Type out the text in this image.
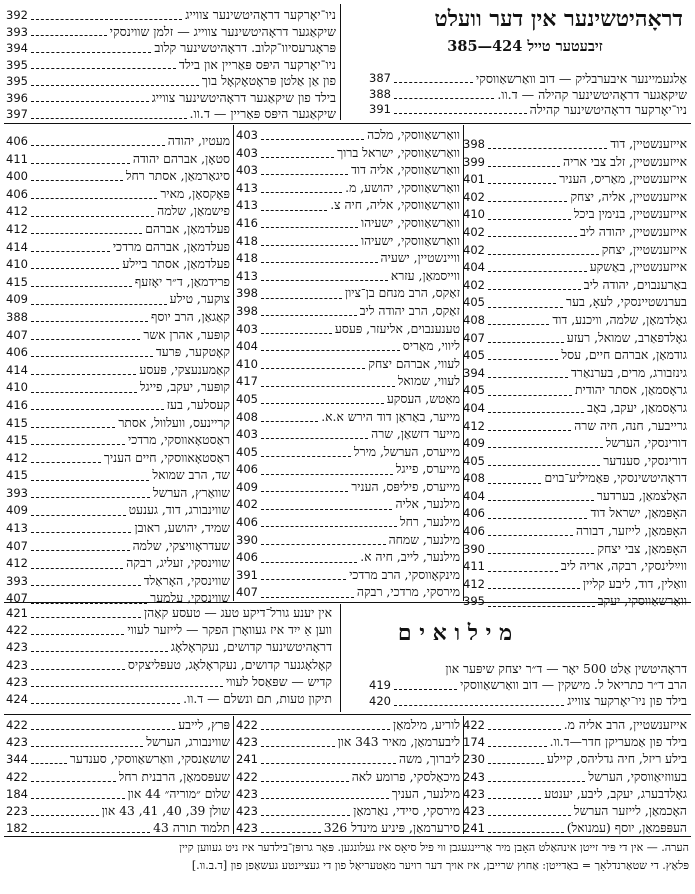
דראָהיטשינער אין דער וועלט
זיבעטער טייל 424—385
אַלגעמיינער איבערבליק — דוב וואַרשאַווסקי
387
שיקאַגער דראָהיטשינער קהילה — ד.וו.
388
ניו־יאָרקער דראָהיטשינער קהילה
391
ניו־יאָרקער דראָהיטשינער צווייג
392
שיקאַגער דראָהיטשינער צווייג — זלמן שווינסקי
393
פּראָגרעסיוו־קלוב. דראָהיטשינער קלוב
394
ניו־יאָרקער היפּס פּאַריין און בילד
395
פון אַן אַלטן פּראָטאָקאָל בוך
395
בילד פון שיקאַגער דראָהיטשינער צווייג
396
שיקאַגער היפּס פּאַריין — ד.וו.
397
אייזענשטיין, דוד
398
אייזענשטיין, זלב צבי אריה
399
אייזענשטיין, מאַריס, העניר
401
אייזענשטיין, אליה, יצחק
402
אייזענשטיין, בנימין ביכל
410
אייזענשטיין, יהודה ליב
402
אייזענשטיין, יצחק
402
אייזענשטיין, באַשקע
404
באַרענבוים, יהודה ליב
402
בערנשטיינסקי, לעאָ, בער
405
גאָלדמאַן, שלמה, וויכנע, דוד
408
גאָלדפאַרב, שמואל, רעזע
407
גודמאַן, אברהם חיים, עסל
405
גינזבורג, מרים, בערנאַרד
394
גראָסמאַן, אסתר יהודית
405
גראָסמאַן, יעקב, באָב
404
גרייבער, חנה, חיה שרה
412
דורינסקי, הערשל
409
דורינסקי, סענדער
405
דראָהיטשינסקי, פּאַמיליע־בוים
408
האָלצמאַן, בערדער
404
האָפּמאַן, ישראל דוד
406
האָפּמאַן, לייזער, דבורה
406
האָפּמאַן, צבי יצחק
390
ווײַלינסקי, רבקה, אריה ליב
411
וואַלין, דוד, ליבע קליין
412
וואַרשאַווסקי, יעקב
395
וואַרשאַווסקי, מלכה
403
וואַרשאַווסקי, ישראל ברוך
403
וואַרשאַווסקי, אליה דוד
403
וואַרשאַווסקי, יהושע, מ.
413
וואַרשאַווסקי, אליה, חיה צ.
413
וואַרשאַווסקי, ישעיהו
416
וואַרשאַווסקי, ישעיהו
418
וויינשטיין, ישעיה
418
ווייסמאַן, עזרא
413
זאַקס, הרב מנחם בן־ציון
398
זאַקס, הרב יהודה ליב
398
טענענבוים, אליעזר, פּעסע
403
ליווי, מאַריס
404
לעווי, אברהם יצחק
410
לעווי, שמואל
417
מאַטש, העסקע
405
מייער, באַראַן דוד הירש א.א.
408
מייער דזשאַן, שרה
403
מייערס, הערשל, מירל
405
מייערס, פייגל
406
מייערס, פיליפּס, העניר
409
מילנער, אליה
402
מילנער, רחל
406
מילנער, שמחה
390
מילנער, לייב, חיה א.
406
מינקאָווסקי, הרב מרדכי
391
מירסקי, מרדכי, רבקה
407
מעטיו, יהודה
406
סטאָן, אברהם יהודה
411
סיגאַרמאַן, אסתר רחל
400
פּאָקסאָן, מאיר
406
פישמאַן, שלמה
412
פעלדמאַן, אברהם
412
פעלדמאַן, אברהם מרדכי
414
פעלדמאַן, אסתר ביילע
410
פרידמאַן, ד״ר יאָזעף
415
צוקער, טילע
409
קאַגאַן, הרב יוסף
388
קופּער, אהרן אשר
407
קאָטקער, פּרעד
406
קאַמענעצקי, פּעסע
414
קופּער, יעקב, פייגל
410
קעסלער, בעז
416
קריינעס, וועלוול, אסתר
415
ראַסטאָאווסקי, מרדכי
415
ראַסטאָאווסקי, חיים העניך
412
שד, הרב שמואל
415
שוואַרץ, הערשל
393
שווינבורג, דוד, גענעט
409
שמיד, יהושע, ראובן
413
שעדראָוויצקי, שלמה
407
שווינסקי, זעליג, רבקה
412
שווינסקי, האָראַלד
393
שווינסקי, עלמער
407
מ י ל ו א י ם
דראָהיטשין אַלט 500 יאָר — ד״ר יצחק שיפּער און
הרב ד״ר כתריאל ל. מישקין — דוב וואַרשאַווסקי
419
בילד פון ניו־יאָרקער צווייג
420
אין יענע גורל־דיקע טעג — טעסע קאַהן
421
ווען אַ ייִד איז געוואָרן הפקר — לייזער לעווי
422
דראָהיטשינער קדושים, נעקראָלאָג
423
קאָלאָגנער קדושים, נעקראָלאָג, טעפּליצקיס
423
קדיש — שפּאַסל לעווי
423
תיקון טעות, תם ונשלם — ד.וו.
424
אייזענשטיין, הרב אליה מ.
422
בילד פון אַמעריקן חדר—ד.וו.
174
בילע ריזל, חיה גדליהס, קיילע
230
בעווזיאַווסקי, הערשל
243
גאָלדבערג, יעקב, ליבע, יענטע
423
האָכמאַן, לייזער הערשל
423
העפּפּמאַן, יוסף (עמנואל)
241
לוריע, מילמאַן
422
ליבערמאַן, מאיר 343 און
423
ליברוך, משה
241
מיכאַלסקי, פרומע לאה
422
מילנער, העניך
423
מירסקי, סיידי, נאַרמאַן
423
סירערמאַן, פּיניע מינדל 326
423
פּרץ, לייבע
422
שווינבורג, הערשל
423
שושאַנסקי, וואַרשאַווסקי, סענדער
344
שעפּסמאַן, הרבנית רחל
422
שלום ״מוריה״ 44 און
184
שולן 39, 40, 41, 43 און
223
תלמוד תורה 43
182
הערה. — אין די פּיר זייטן אינהאַלט האָבן מיר אַריינגעגבן ווי פיל סיאָס איז געלונגען. פּאַר גרופּן־בילדער איז ניט געווען קיין
פּלאַץ. די שטאַרנדלאָך = באַדייטן: אַחוץ שרייבן, איז אויך דער רויער מאַטעריאַל פון די געציינטע געשאַפן פון [ד.ב.וו.]
